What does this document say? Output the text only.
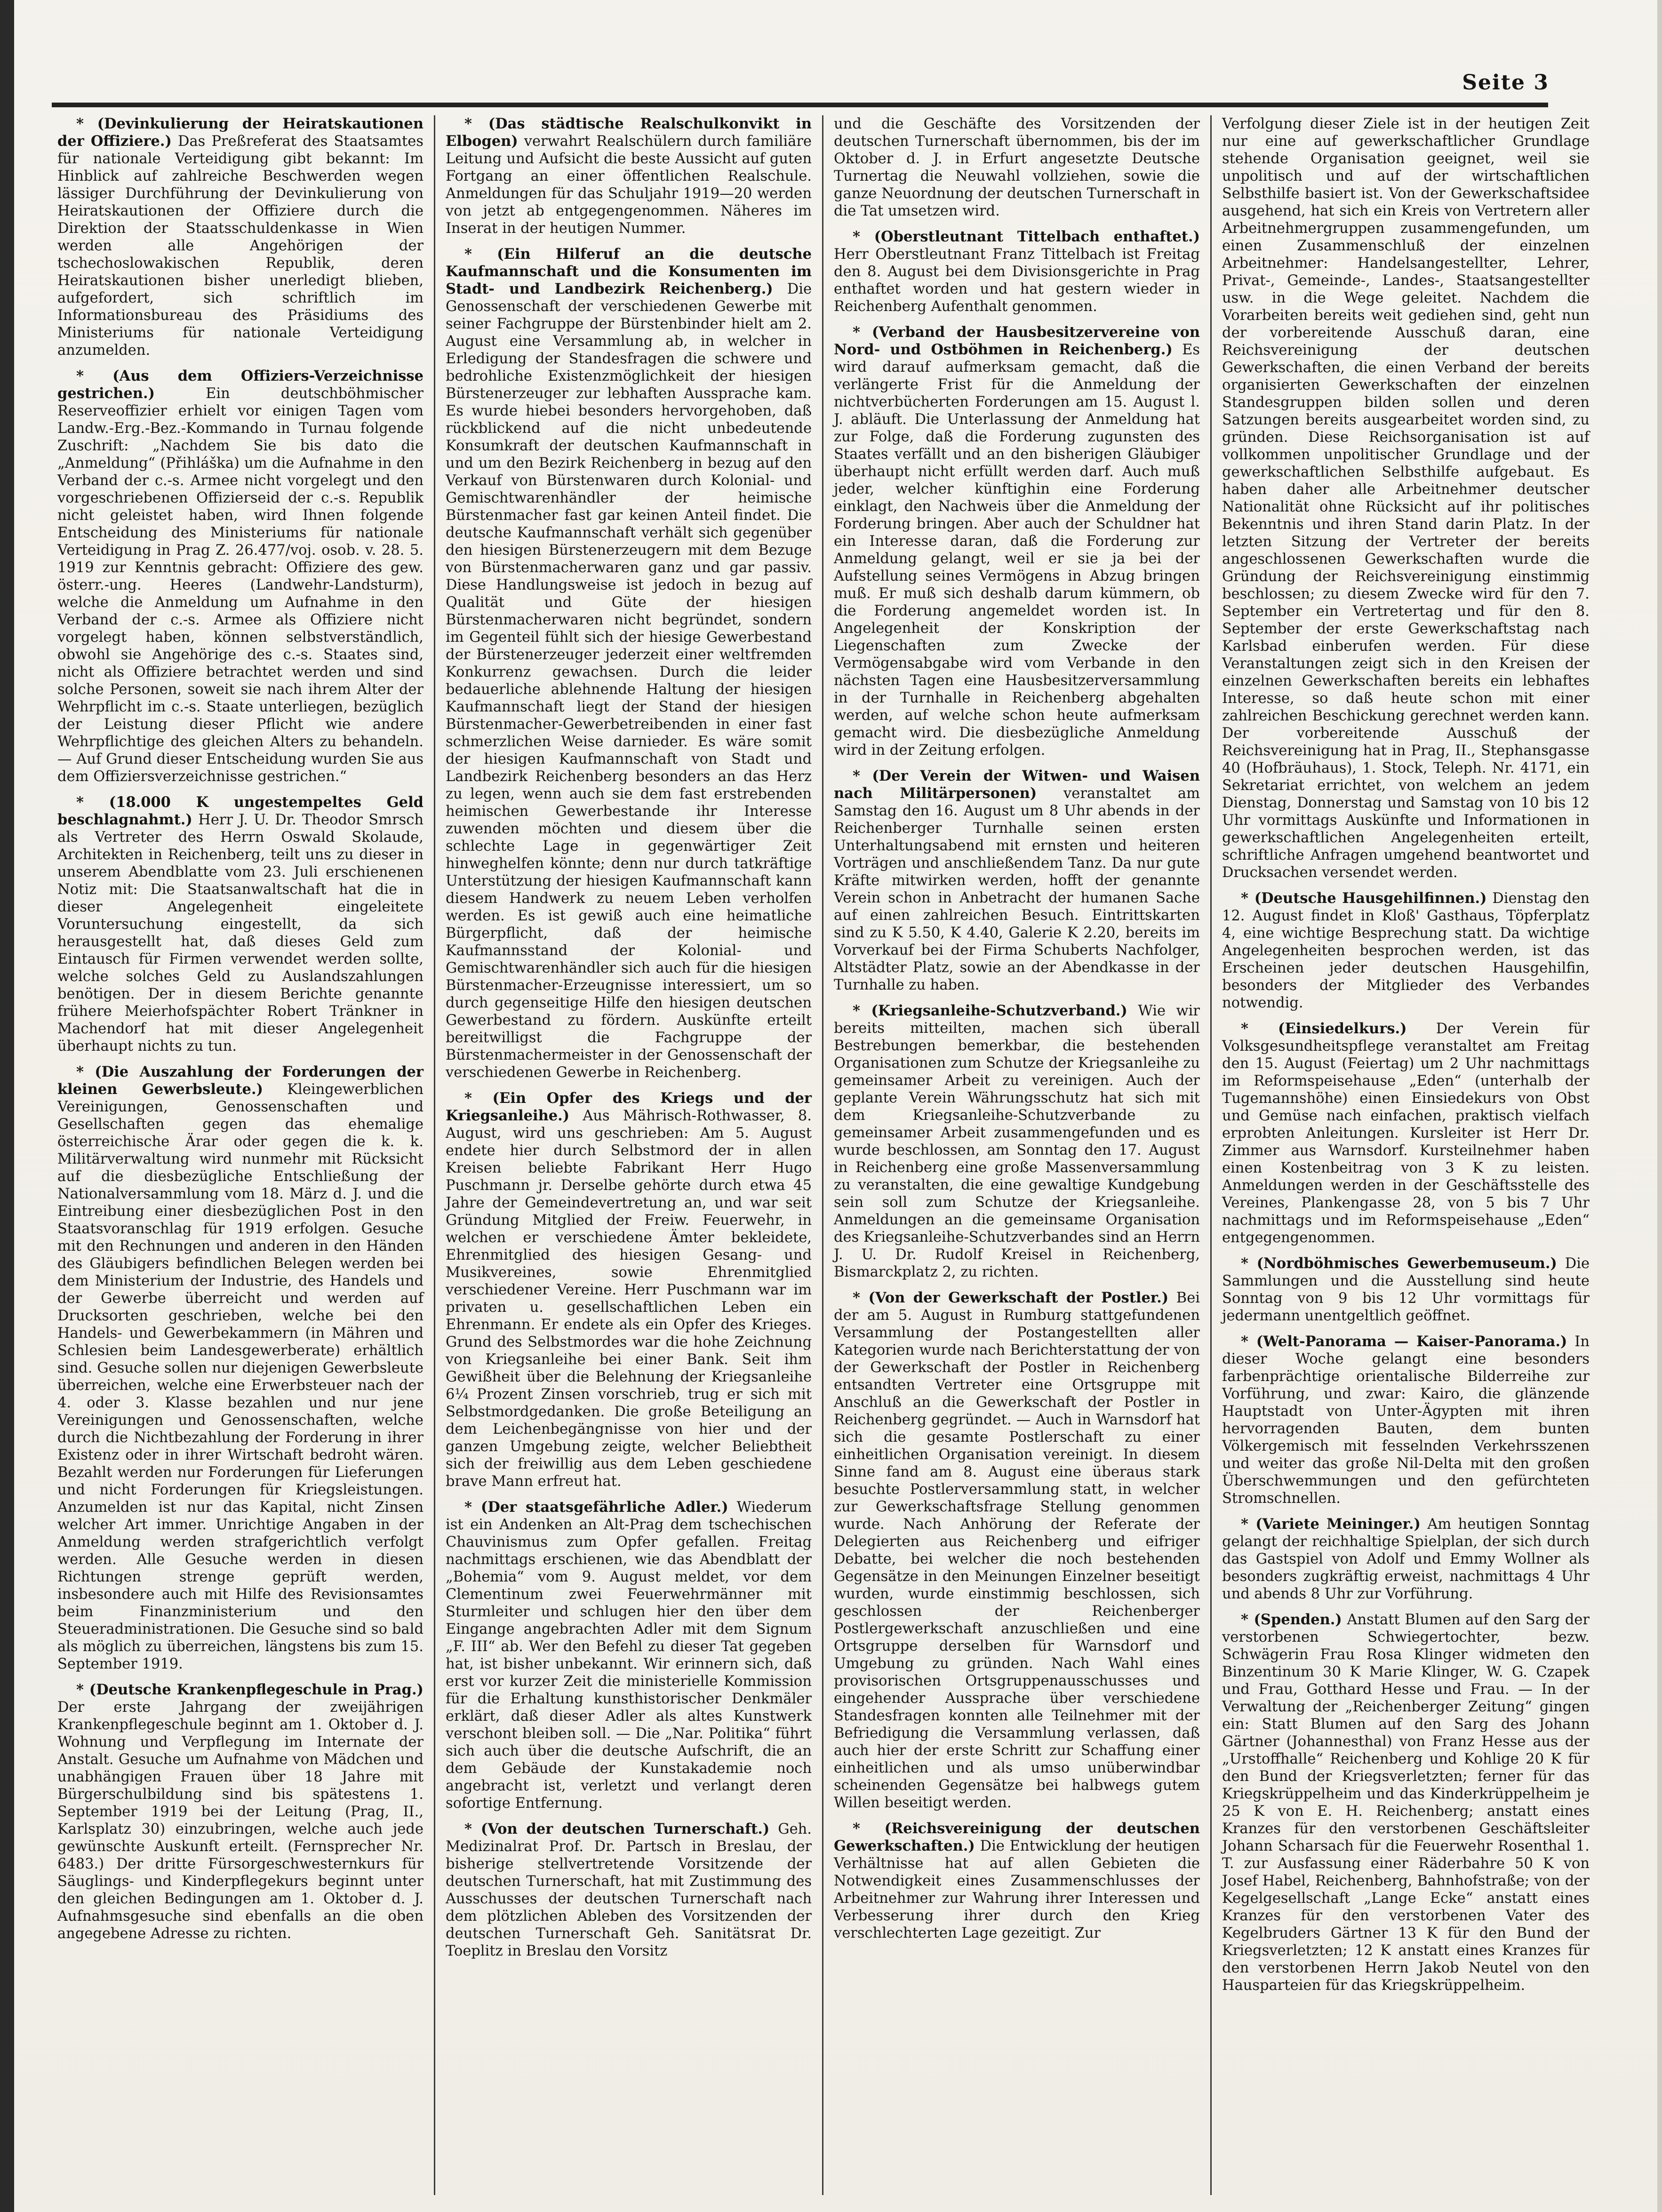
Seite 3

* (Devinkulierung der Heiratskautionen der Offiziere.) Das Preßreferat des Staatsamtes für nationale Verteidigung gibt bekannt: Im Hinblick auf zahlreiche Beschwerden wegen lässiger Durchführung der Devinkulierung von Heiratskautionen der Offiziere durch die Direktion der Staatsschuldenkasse in Wien werden alle Angehörigen der tschechoslowakischen Republik, deren Heiratskautionen bisher unerledigt blieben, aufgefordert, sich schriftlich im Informationsbureau des Präsidiums des Ministeriums für nationale Verteidigung anzumelden.

* (Aus dem Offiziers-Verzeichnisse gestrichen.)	Ein deutschböhmischer Reserveoffizier erhielt vor einigen Tagen vom Landw.-Erg.-Bez.-Kommando in Turnau folgende Zuschrift: „Nachdem Sie bis dato die „Anmeldung“ (Přihláška) um die Aufnahme in den Verband der c.-s. Armee nicht vorgelegt und den vorgeschriebenen Offizierseid der c.-s. Republik nicht geleistet haben, wird Ihnen folgende Entscheidung des Ministeriums für nationale Verteidigung in Prag Z. 26.477/voj. osob. v. 28. 5. 1919 zur Kenntnis gebracht: Offiziere des gew. österr.-ung. Heeres (Landwehr-Landsturm), welche die Anmeldung um Aufnahme in den Verband der c.-s. Armee als Offiziere nicht vorgelegt haben, können selbstverständlich, obwohl sie Angehörige des c.-s. Staates sind, nicht als Offiziere betrachtet werden und sind solche Personen, soweit sie nach ihrem Alter der Wehrpflicht im c.-s. Staate unterliegen, bezüglich der Leistung dieser Pflicht wie andere Wehrpflichtige des gleichen Alters zu behandeln. — Auf Grund dieser Entscheidung wurden Sie aus dem Offiziersverzeichnisse gestrichen.“

* (18.000 K ungestempeltes Geld beschlagnahmt.) Herr J. U. Dr. Theodor Smrsch als Vertreter des Herrn Oswald Skolaude, Architekten in Reichenberg, teilt uns zu dieser in unserem Abendblatte vom 23. Juli erschienenen Notiz mit: Die Staatsanwaltschaft hat die in dieser Angelegenheit eingeleitete Voruntersuchung eingestellt, da sich herausgestellt hat, daß dieses Geld zum Eintausch für Firmen verwendet werden sollte, welche solches Geld zu Auslandszahlungen benötigen. Der in diesem Berichte genannte frühere Meierhofspächter Robert Tränkner in Machendorf hat mit dieser Angelegenheit überhaupt nichts zu tun.

* (Die Auszahlung der Forderungen der kleinen Gewerbsleute.) Kleingewerblichen Vereinigungen, Genossenschaften und Gesellschaften gegen das ehemalige österreichische Ärar oder gegen die k. k. Militärverwaltung wird nunmehr mit Rücksicht auf die diesbezügliche Entschließung der Nationalversammlung vom 18. März d. J. und die Eintreibung einer diesbezüglichen Post in den Staatsvoranschlag für 1919 erfolgen. Gesuche mit den Rechnungen und anderen in den Händen des Gläubigers befindlichen Belegen werden bei dem Ministerium der Industrie, des Handels und der Gewerbe überreicht und werden auf Drucksorten geschrieben, welche bei den Handels- und Gewerbekammern (in Mähren und Schlesien beim Landesgewerberate) erhältlich sind. Gesuche sollen nur diejenigen Gewerbsleute überreichen, welche eine Erwerbsteuer nach der 4. oder 3. Klasse bezahlen und nur jene Vereinigungen und Genossenschaften, welche durch die Nichtbezahlung der Forderung in ihrer Existenz oder in ihrer Wirtschaft bedroht wären. Bezahlt werden nur Forderungen für Lieferungen und nicht Forderungen für Kriegsleistungen. Anzumelden ist nur das Kapital, nicht Zinsen welcher Art immer. Unrichtige Angaben in der Anmeldung werden strafgerichtlich verfolgt werden. Alle Gesuche werden in diesen Richtungen strenge geprüft werden, insbesondere auch mit Hilfe des Revisionsamtes beim Finanzministerium und den Steueradministrationen. Die Gesuche sind so bald als möglich zu überreichen, längstens bis zum 15. September 1919.

* (Deutsche Krankenpflegeschule in Prag.) Der erste Jahrgang der zweijährigen Krankenpflegeschule beginnt am 1. Oktober d. J. Wohnung und Verpflegung im Internate der Anstalt. Gesuche um Aufnahme von Mädchen und unabhängigen Frauen über 18 Jahre mit Bürgerschulbildung sind bis spätestens 1. September 1919 bei der Leitung (Prag, II., Karlsplatz 30) einzubringen, welche auch jede gewünschte Auskunft erteilt. (Fernsprecher Nr. 6483.) Der dritte Fürsorgeschwesternkurs für Säuglings- und Kinderpflegekurs beginnt unter den gleichen Bedingungen am 1. Oktober d. J. Aufnahmsgesuche sind ebenfalls an die oben angegebene Adresse zu richten.

* (Das städtische Realschulkonvikt in Elbogen) verwahrt Realschülern durch familiäre Leitung und Aufsicht die beste Aussicht auf guten Fortgang an einer öffentlichen Realschule. Anmeldungen für das Schuljahr 1919—20 werden von jetzt ab entgegengenommen. Näheres im Inserat in der heutigen Nummer.

* (Ein Hilferuf an die deutsche Kaufmannschaft und die Konsumenten im Stadt- und Landbezirk Reichenberg.) Die Genossenschaft der verschiedenen Gewerbe mit seiner Fachgruppe der Bürstenbinder hielt am 2. August eine Versammlung ab, in welcher in Erledigung der Standesfragen die schwere und bedrohliche Existenzmöglichkeit der hiesigen Bürstenerzeuger zur lebhaften Aussprache kam. Es wurde hiebei besonders hervorgehoben, daß rückblickend auf die nicht unbedeutende Konsumkraft der deutschen Kaufmannschaft in und um den Bezirk Reichenberg in bezug auf den Verkauf von Bürstenwaren durch Kolonial- und Gemischtwarenhändler der heimische Bürstenmacher fast gar keinen Anteil findet. Die deutsche Kaufmannschaft verhält sich gegenüber den hiesigen Bürstenerzeugern mit dem Bezuge von Bürstenmacherwaren ganz und gar passiv. Diese Handlungsweise ist jedoch in bezug auf Qualität und Güte der hiesigen Bürstenmacherwaren nicht begründet, sondern im Gegenteil fühlt sich der hiesige Gewerbestand der Bürstenerzeuger jederzeit einer weltfremden Konkurrenz gewachsen. Durch die leider bedauerliche ablehnende Haltung der hiesigen Kaufmannschaft liegt der Stand der hiesigen Bürstenmacher-Gewerbetreibenden in einer fast schmerzlichen Weise darnieder. Es wäre somit der hiesigen Kaufmannschaft von Stadt und Landbezirk Reichenberg besonders an das Herz zu legen, wenn auch sie dem fast erstrebenden heimischen Gewerbestande ihr Interesse zuwenden möchten und diesem über die schlechte Lage in gegenwärtiger Zeit hinweghelfen könnte; denn nur durch tatkräftige Unterstützung der hiesigen Kaufmannschaft kann diesem Handwerk zu neuem Leben verholfen werden. Es ist gewiß auch eine heimatliche Bürgerpflicht, daß der heimische Kaufmannsstand der Kolonial- und Gemischtwarenhändler sich auch für die hiesigen Bürstenmacher-Erzeugnisse interessiert, um so durch gegenseitige Hilfe den hiesigen deutschen Gewerbestand zu fördern. Auskünfte erteilt bereitwilligst die Fachgruppe der Bürstenmachermeister in der Genossenschaft der verschiedenen Gewerbe in Reichenberg.

* (Ein Opfer des Kriegs und der Kriegsanleihe.) Aus Mährisch-Rothwasser, 8. August, wird uns geschrieben: Am 5. August endete hier durch Selbstmord der in allen Kreisen beliebte Fabrikant Herr Hugo Puschmann jr. Derselbe gehörte durch etwa 45 Jahre der Gemeindevertretung an, und war seit Gründung Mitglied der Freiw. Feuerwehr, in welchen er verschiedene Ämter bekleidete, Ehrenmitglied des hiesigen Gesang- und Musikvereines, sowie Ehrenmitglied verschiedener Vereine. Herr Puschmann war im privaten u. gesellschaftlichen Leben ein Ehrenmann. Er endete als ein Opfer des Krieges. Grund des Selbstmordes war die hohe Zeichnung von Kriegsanleihe bei einer Bank. Seit ihm Gewißheit über die Belehnung der Kriegsanleihe 6¼ Prozent Zinsen vorschrieb, trug er sich mit Selbstmordgedanken. Die große Beteiligung an dem Leichenbegängnisse von hier und der ganzen Umgebung zeigte, welcher Beliebtheit sich der freiwillig aus dem Leben geschiedene brave Mann erfreut hat.

* (Der staatsgefährliche Adler.) Wiederum ist ein Andenken an Alt-Prag dem tschechischen Chauvinismus zum Opfer gefallen. Freitag nachmittags erschienen, wie das Abendblatt der „Bohemia“ vom 9. August meldet, vor dem Clementinum zwei Feuerwehrmänner mit Sturmleiter und schlugen hier den über dem Eingange angebrachten Adler mit dem Signum „F. III“ ab. Wer den Befehl zu dieser Tat gegeben hat, ist bisher unbekannt. Wir erinnern sich, daß erst vor kurzer Zeit die ministerielle Kommission für die Erhaltung kunsthistorischer Denkmäler erklärt, daß dieser Adler als altes Kunstwerk verschont bleiben soll. — Die „Nar. Politika“ führt sich auch über die deutsche Aufschrift, die an dem Gebäude der Kunstakademie noch angebracht ist, verletzt und verlangt deren sofortige Entfernung.

* (Von der deutschen Turnerschaft.) Geh. Medizinalrat Prof. Dr. Partsch in Breslau, der bisherige stellvertretende Vorsitzende der deutschen Turnerschaft, hat mit Zustimmung des Ausschusses der deutschen Turnerschaft nach dem plötzlichen Ableben des Vorsitzenden der deutschen Turnerschaft Geh. Sanitätsrat Dr. Toeplitz in Breslau den Vorsitz

und die Geschäfte des Vorsitzenden der deutschen Turnerschaft übernommen, bis der im Oktober d. J. in Erfurt angesetzte Deutsche Turnertag die Neuwahl vollziehen, sowie die ganze Neuordnung der deutschen Turnerschaft in die Tat umsetzen wird.

* (Oberstleutnant Tittelbach enthaftet.) Herr Oberstleutnant Franz Tittelbach ist Freitag den 8. August bei dem Divisionsgerichte in Prag enthaftet worden und hat gestern wieder in Reichenberg Aufenthalt genommen.

* (Verband der Hausbesitzervereine von Nord- und Ostböhmen in Reichenberg.) Es wird darauf aufmerksam gemacht, daß die verlängerte Frist für die Anmeldung der nichtverbücherten Forderungen am 15. August l. J. abläuft. Die Unterlassung der Anmeldung hat zur Folge, daß die Forderung zugunsten des Staates verfällt und an den bisherigen Gläubiger überhaupt nicht erfüllt werden darf. Auch muß jeder, welcher künftighin eine Forderung einklagt, den Nachweis über die Anmeldung der Forderung bringen. Aber auch der Schuldner hat ein Interesse daran, daß die Forderung zur Anmeldung gelangt, weil er sie ja bei der Aufstellung seines Vermögens in Abzug bringen muß. Er muß sich deshalb darum kümmern, ob die Forderung angemeldet worden ist. In Angelegenheit der Konskription der Liegenschaften zum Zwecke der Vermögensabgabe wird vom Verbande in den nächsten Tagen eine Hausbesitzerversammlung in der Turnhalle in Reichenberg abgehalten werden, auf welche schon heute aufmerksam gemacht wird. Die diesbezügliche Anmeldung wird in der Zeitung erfolgen.

* (Der Verein der Witwen- und Waisen nach Militärpersonen) veranstaltet am Samstag den 16. August um 8 Uhr abends in der Reichenberger Turnhalle seinen ersten Unterhaltungsabend mit ernsten und heiteren Vorträgen und anschließendem Tanz. Da nur gute Kräfte mitwirken werden, hofft der genannte Verein schon in Anbetracht der humanen Sache auf einen zahlreichen Besuch. Eintrittskarten sind zu K 5.50, K 4.40, Galerie K 2.20, bereits im Vorverkauf bei der Firma Schuberts Nachfolger, Altstädter Platz, sowie an der Abendkasse in der Turnhalle zu haben.

* (Kriegsanleihe-Schutzverband.) Wie wir bereits mitteilten, machen sich überall Bestrebungen bemerkbar, die bestehenden Organisationen zum Schutze der Kriegsanleihe zu gemeinsamer Arbeit zu vereinigen. Auch der geplante Verein Währungsschutz hat sich mit dem Kriegsanleihe-Schutzverbande zu gemeinsamer Arbeit zusammengefunden und es wurde beschlossen, am Sonntag den 17. August in Reichenberg eine große Massenversammlung zu veranstalten, die eine gewaltige Kundgebung sein soll zum Schutze der Kriegsanleihe. Anmeldungen an die gemeinsame Organisation des Kriegsanleihe-Schutzverbandes sind an Herrn J. U. Dr. Rudolf Kreisel in Reichenberg, Bismarckplatz 2, zu richten.

* (Von der Gewerkschaft der Postler.) Bei der am 5. August in Rumburg stattgefundenen Versammlung der Postangestellten aller Kategorien wurde nach Berichterstattung der von der Gewerkschaft der Postler in Reichenberg entsandten Vertreter eine Ortsgruppe mit Anschluß an die Gewerkschaft der Postler in Reichenberg gegründet. — Auch in Warnsdorf hat sich die gesamte Postlerschaft zu einer einheitlichen Organisation vereinigt. In diesem Sinne fand am 8. August eine überaus stark besuchte Postlerversammlung statt, in welcher zur Gewerkschaftsfrage Stellung genommen wurde. Nach Anhörung der Referate der Delegierten aus Reichenberg und eifriger Debatte, bei welcher die noch bestehenden Gegensätze in den Meinungen Einzelner beseitigt wurden, wurde einstimmig beschlossen, sich geschlossen der Reichenberger Postlergewerkschaft anzuschließen und eine Ortsgruppe derselben für Warnsdorf und Umgebung zu gründen. Nach Wahl eines provisorischen Ortsgruppenausschusses und eingehender Aussprache über verschiedene Standesfragen konnten alle Teilnehmer mit der Befriedigung die Versammlung verlassen, daß auch hier der erste Schritt zur Schaffung einer einheitlichen und als umso unüberwindbar scheinenden Gegensätze bei halbwegs gutem Willen beseitigt werden.

* (Reichsvereinigung der deutschen Gewerkschaften.) Die Entwicklung der heutigen Verhältnisse hat auf allen Gebieten die Notwendigkeit eines Zusammenschlusses der Arbeitnehmer zur Wahrung ihrer Interessen und Verbesserung ihrer durch den Krieg verschlechterten Lage gezeitigt. Zur

Verfolgung dieser Ziele ist in der heutigen Zeit nur eine auf gewerkschaftlicher Grundlage stehende Organisation geeignet, weil sie unpolitisch und auf der wirtschaftlichen Selbsthilfe basiert ist. Von der Gewerkschaftsidee ausgehend, hat sich ein Kreis von Vertretern aller Arbeitnehmergruppen zusammengefunden, um einen Zusammenschluß der einzelnen Arbeitnehmer: Handelsangestellter, Lehrer, Privat-, Gemeinde-, Landes-, Staatsangestellter usw. in die Wege geleitet. Nachdem die Vorarbeiten bereits weit gediehen sind, geht nun der vorbereitende Ausschuß daran, eine Reichsvereinigung der deutschen Gewerkschaften, die einen Verband der bereits organisierten Gewerkschaften der einzelnen Standesgruppen bilden sollen und deren Satzungen bereits ausgearbeitet worden sind, zu gründen. Diese Reichsorganisation ist auf vollkommen unpolitischer Grundlage und der gewerkschaftlichen Selbsthilfe aufgebaut. Es haben daher alle Arbeitnehmer deutscher Nationalität ohne Rücksicht auf ihr politisches Bekenntnis und ihren Stand darin Platz. In der letzten Sitzung der Vertreter der bereits angeschlossenen Gewerkschaften wurde die Gründung der Reichsvereinigung einstimmig beschlossen; zu diesem Zwecke wird für den 7. September ein Vertretertag und für den 8. September der erste Gewerkschaftstag nach Karlsbad einberufen werden. Für diese Veranstaltungen zeigt sich in den Kreisen der einzelnen Gewerkschaften bereits ein lebhaftes Interesse, so daß heute schon mit einer zahlreichen Beschickung gerechnet werden kann. Der vorbereitende Ausschuß der Reichsvereinigung hat in Prag, II., Stephansgasse 40 (Hofbräuhaus), 1. Stock, Teleph. Nr. 4171, ein Sekretariat errichtet, von welchem an jedem Dienstag, Donnerstag und Samstag von 10 bis 12 Uhr vormittags Auskünfte und Informationen in gewerkschaftlichen Angelegenheiten erteilt, schriftliche Anfragen umgehend beantwortet und Drucksachen versendet werden.

* (Deutsche Hausgehilfinnen.) Dienstag den 12. August findet in Kloß' Gasthaus, Töpferplatz 4, eine wichtige Besprechung statt. Da wichtige Angelegenheiten besprochen werden, ist das Erscheinen jeder deutschen Hausgehilfin, besonders der Mitglieder des Verbandes notwendig.

* (Einsiedelkurs.) Der Verein für Volksgesundheitspflege veranstaltet am Freitag den 15. August (Feiertag) um 2 Uhr nachmittags im Reformspeisehause „Eden“ (unterhalb der Tugemannshöhe) einen Einsiedekurs von Obst und Gemüse nach einfachen, praktisch vielfach erprobten Anleitungen. Kursleiter ist Herr Dr. Zimmer aus Warnsdorf. Kursteilnehmer haben einen Kostenbeitrag von 3 K zu leisten. Anmeldungen werden in der Geschäftsstelle des Vereines, Plankengasse 28, von 5 bis 7 Uhr nachmittags und im Reformspeisehause „Eden“ entgegengenommen.

* (Nordböhmisches Gewerbemuseum.) Die Sammlungen und die Ausstellung sind heute Sonntag von 9 bis 12 Uhr vormittags für jedermann unentgeltlich geöffnet.

* (Welt-Panorama — Kaiser-Panorama.) In dieser Woche gelangt eine besonders farbenprächtige orientalische Bilderreihe zur Vorführung, und zwar: Kairo, die glänzende Hauptstadt von Unter-Ägypten mit ihren hervorragenden Bauten, dem bunten Völkergemisch mit fesselnden Verkehrsszenen und weiter das große Nil-Delta mit den großen Überschwemmungen und den gefürchteten Stromschnellen.

* (Variete Meininger.) Am heutigen Sonntag gelangt der reichhaltige Spielplan, der sich durch das Gastspiel von Adolf und Emmy Wollner als besonders zugkräftig erweist, nachmittags 4 Uhr und abends 8 Uhr zur Vorführung.

* (Spenden.) Anstatt Blumen auf den Sarg der verstorbenen Schwiegertochter, bezw. Schwägerin Frau Rosa Klinger widmeten den Binzentinum 30 K Marie Klinger, W. G. Czapek und Frau, Gotthard Hesse und Frau. — In der Verwaltung der „Reichenberger Zeitung“ gingen ein: Statt Blumen auf den Sarg des Johann Gärtner (Johannesthal) von Franz Hesse aus der „Urstoffhalle“ Reichenberg und Kohlige 20 K für den Bund der Kriegsverletzten; ferner für das Kriegskrüppelheim und das Kinderkrüppelheim je 25 K von E. H. Reichenberg; anstatt eines Kranzes für den verstorbenen Geschäftsleiter Johann Scharsach für die Feuerwehr Rosenthal 1. T. zur Ausfassung einer Räderbahre 50 K von Josef Habel, Reichenberg, Bahnhofstraße; von der Kegelgesellschaft „Lange Ecke“ anstatt eines Kranzes für den verstorbenen Vater des Kegelbruders Gärtner 13 K für den Bund der Kriegsverletzten; 12 K anstatt eines Kranzes für den verstorbenen Herrn Jakob Neutel von den Hausparteien für das Kriegskrüppelheim.
